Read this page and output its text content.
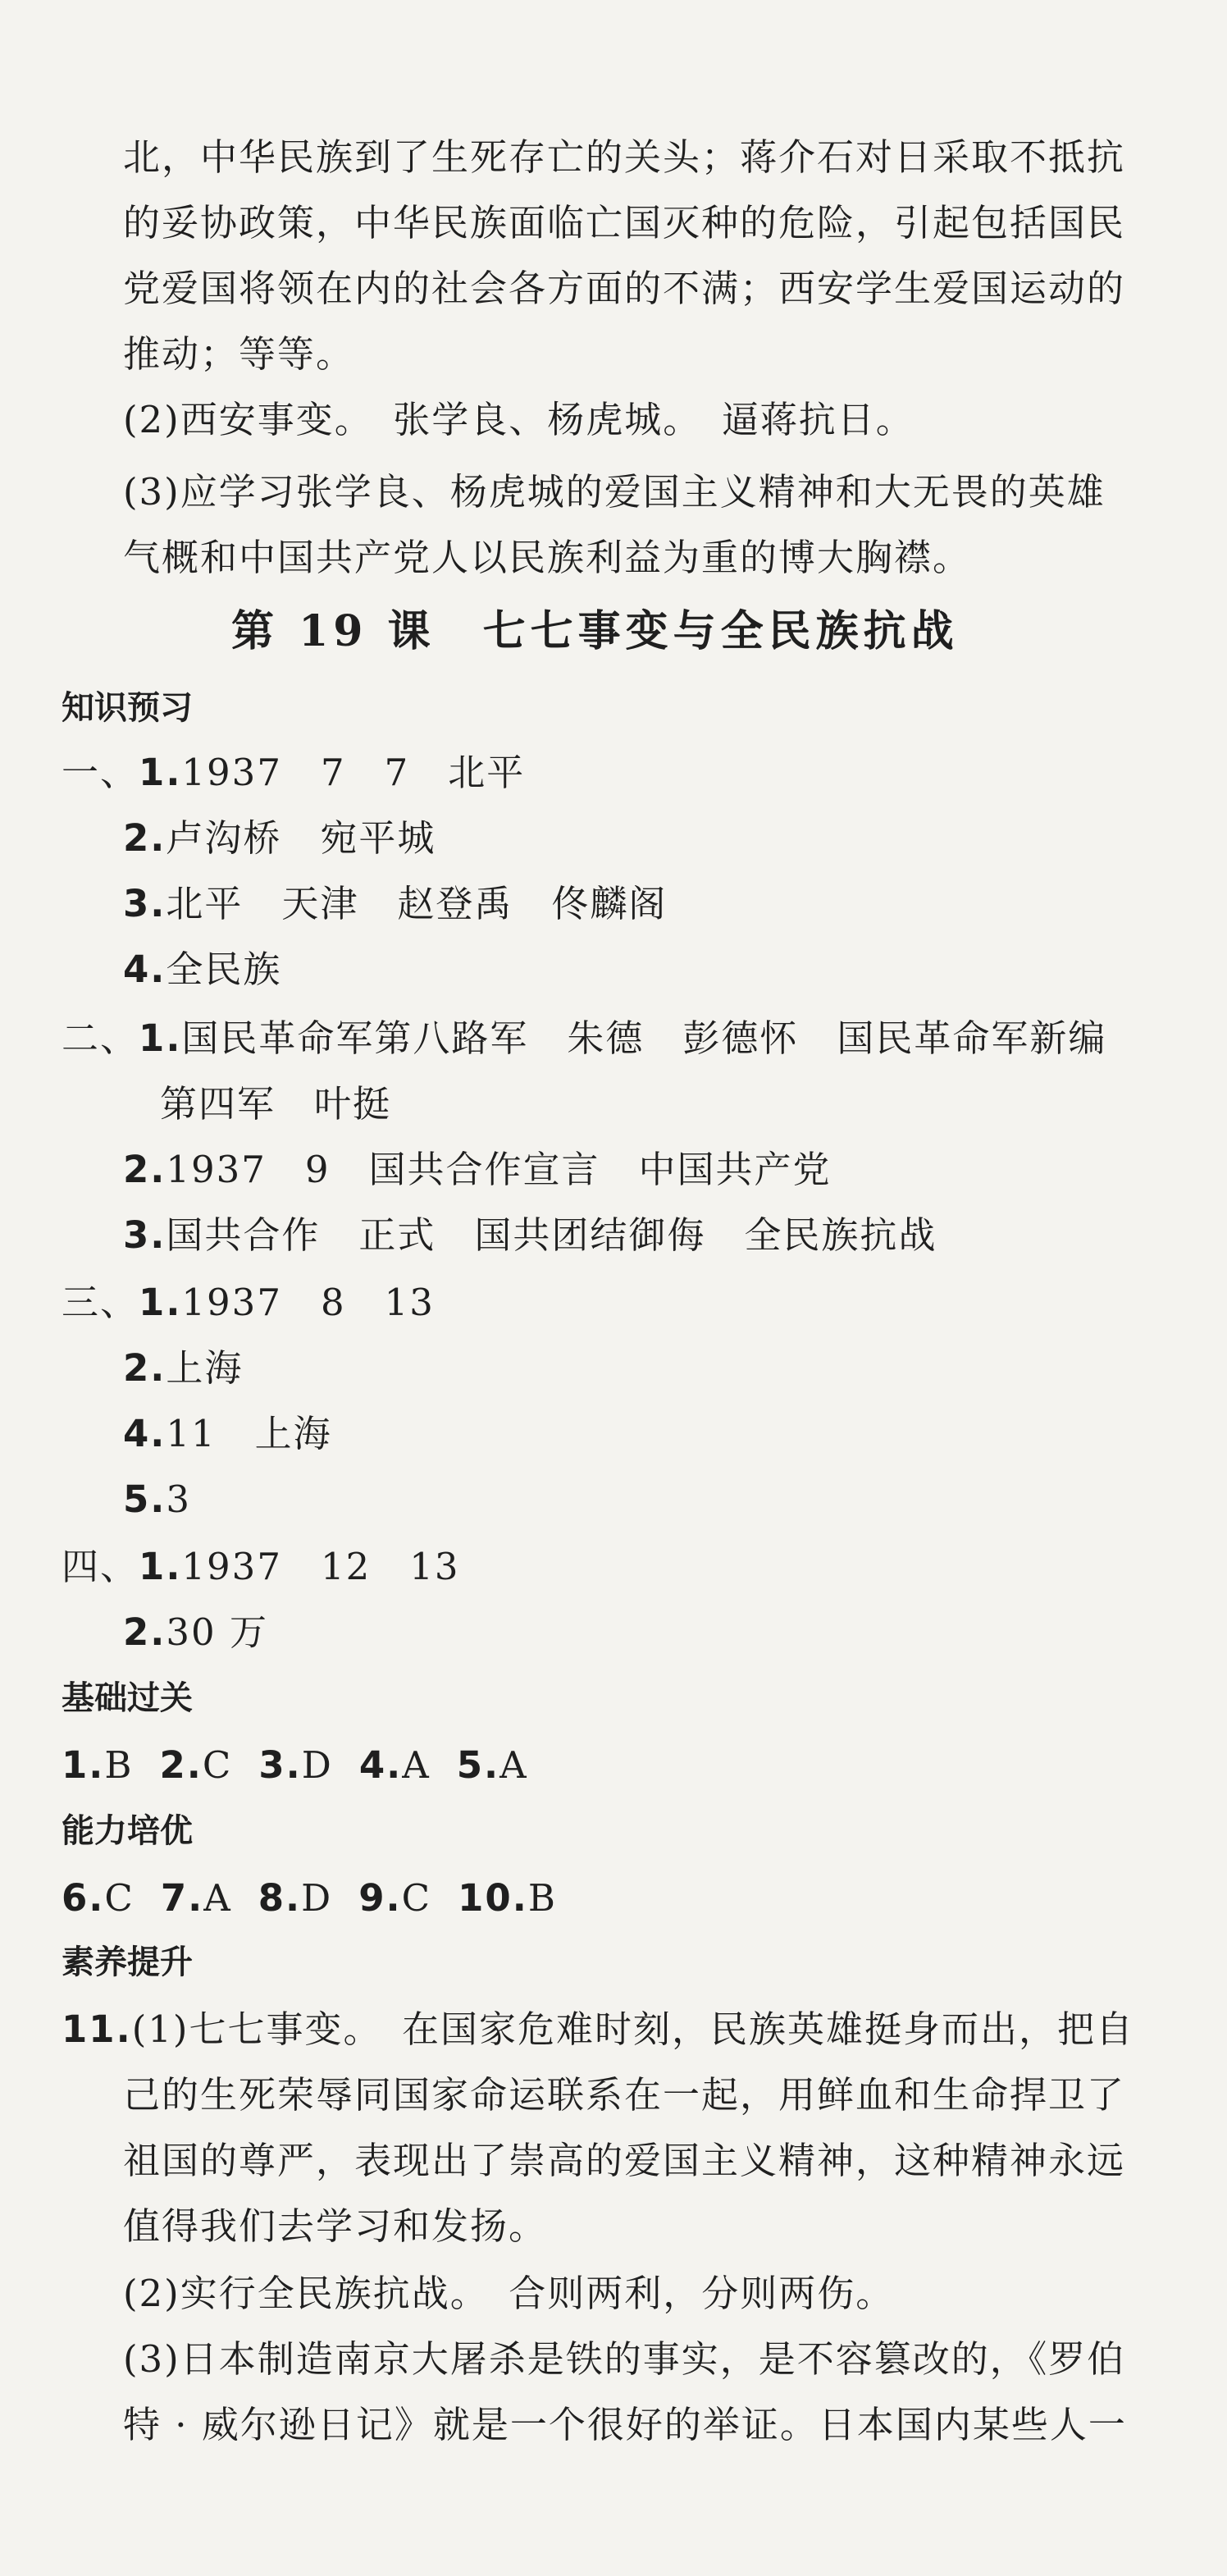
北，中华民族到了生死存亡的关头；蒋介石对日采取不抵抗
的妥协政策，中华民族面临亡国灭种的危险，引起包括国民
党爱国将领在内的社会各方面的不满；西安学生爱国运动的
推动；等等。
(2)西安事变。　张学良、杨虎城。　逼蒋抗日。
(3)应学习张学良、杨虎城的爱国主义精神和大无畏的英雄
气概和中国共产党人以民族利益为重的博大胸襟。
第 19 课　七七事变与全民族抗战
知识预习
一、1.1937　7　7　北平
2.卢沟桥　宛平城
3.北平　天津　赵登禹　佟麟阁
4.全民族
二、1.国民革命军第八路军　朱德　彭德怀　国民革命军新编
第四军　叶挺
2.1937　9　国共合作宣言　中国共产党
3.国共合作　正式　国共团结御侮　全民族抗战
三、1.1937　8　13
2.上海
4.11　上海
5.3
四、1.1937　12　13
2.30 万
基础过关
1.B 2.C 3.D 4.A 5.A
能力培优
6.C 7.A 8.D 9.C 10.B
素养提升
11.(1)七七事变。　在国家危难时刻，民族英雄挺身而出，把自
己的生死荣辱同国家命运联系在一起，用鲜血和生命捍卫了
祖国的尊严，表现出了崇高的爱国主义精神，这种精神永远
值得我们去学习和发扬。
(2)实行全民族抗战。　合则两利，分则两伤。
(3)日本制造南京大屠杀是铁的事实，是不容篡改的，《罗伯
特 · 威尔逊日记》就是一个很好的举证。日本国内某些人一
